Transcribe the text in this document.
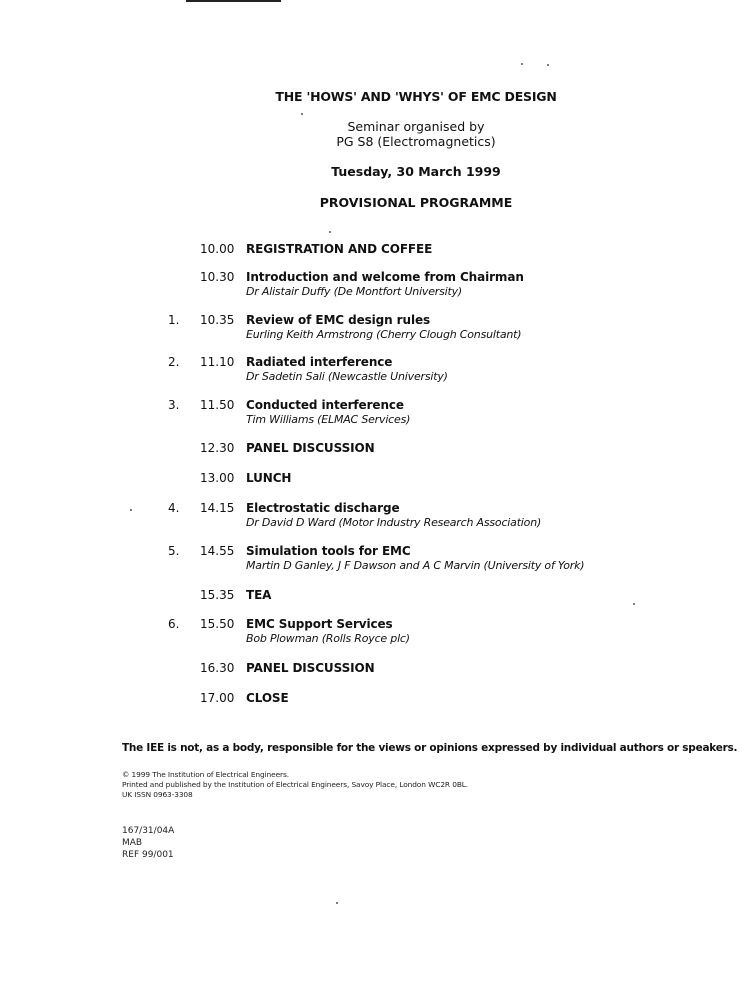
THE 'HOWS' AND 'WHYS' OF EMC DESIGN
Seminar organised by
PG S8 (Electromagnetics)
Tuesday, 30 March 1999
PROVISIONAL PROGRAMME
10.00 REGISTRATION AND COFFEE
10.30 Introduction and welcome from Chairman
Dr Alistair Duffy (De Montfort University)
1. 10.35 Review of EMC design rules
Eurling Keith Armstrong (Cherry Clough Consultant)
2. 11.10 Radiated interference
Dr Sadetin Sali (Newcastle University)
3. 11.50 Conducted interference
Tim Williams (ELMAC Services)
12.30 PANEL DISCUSSION
13.00 LUNCH
4. 14.15 Electrostatic discharge
Dr David D Ward (Motor Industry Research Association)
5. 14.55 Simulation tools for EMC
Martin D Ganley, J F Dawson and A C Marvin (University of York)
15.35 TEA
6. 15.50 EMC Support Services
Bob Plowman (Rolls Royce plc)
16.30 PANEL DISCUSSION
17.00 CLOSE
The IEE is not, as a body, responsible for the views or opinions expressed by individual authors or speakers.
© 1999 The Institution of Electrical Engineers.
Printed and published by the Institution of Electrical Engineers, Savoy Place, London WC2R 0BL.
UK ISSN 0963-3308
167/31/04A
MAB
REF 99/001
